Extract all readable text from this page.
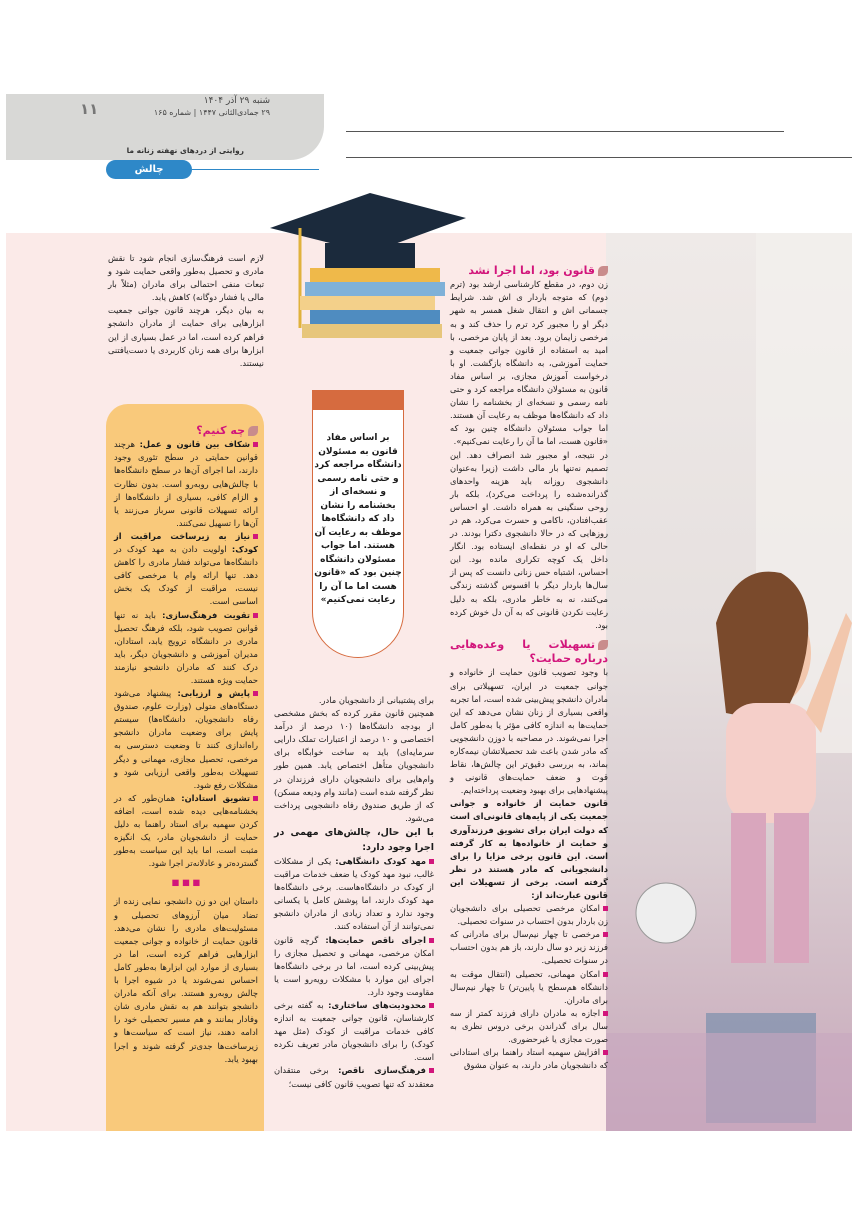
۱۱	شنبه ۲۹ آذر ۱۴۰۴
۲۹ جمادی‌الثانی ۱۴۴۷ | شماره ۱۶۵
روایتی از دردهای نهفته زنانه ما
چالش

قانون بود، اما اجرا نشد

زن دوم، در مقطع کارشناسی ارشد بود (ترم دوم) که متوجه باردار ی اش شد. شرایط جسمانی اش و انتقال شغل همسر به شهر دیگر او را مجبور کرد ترم را حذف کند و به مرخصی زایمان برود. بعد از پایان مرخصی، با امید به استفاده از قانون جوانی جمعیت و حمایت آموزشی، به دانشگاه بازگشت. او با درخواست آموزش مجازی، بر اساس مفاد قانون به مسئولان دانشگاه مراجعه کرد و حتی نامه رسمی و نسخه‌ای از بخشنامه را نشان داد که دانشگاه‌ها موظف به رعایت آن هستند. اما جواب مسئولان دانشگاه چنین بود که «قانون هست، اما ما آن را رعایت نمی‌کنیم».

در نتیجه، او مجبور شد انصراف دهد. این تصمیم نه‌تنها بار مالی داشت (زیرا به‌عنوان دانشجوی روزانه باید هزینه واحدهای گذرانده‌شده را پرداخت می‌کرد)، بلکه بار روحی سنگینی به همراه داشت. او احساس عقب‌افتادن، ناکامی و حسرت می‌کرد، هم در روزهایی که در حالا دانشجوی دکترا بودند. در حالی که او در نقطه‌ای ایستاده بود. انگار داخل یک کوچه تکراری مانده بود. این احساس، اشتباه حس زنانی دانست که پس از سال‌ها باردار دیگر با افسوس گذشته زندگی می‌کنند، نه به خاطر مادری، بلکه به دلیل رعایت نکردن قانونی که به آن دل خوش کرده بود.

تسهیلات یا وعده‌هایی درباره حمایت؟

با وجود تصویب قانون حمایت از خانواده و جوانی جمعیت در ایران، تسهیلاتی برای مادران دانشجو پیش‌بینی شده است، اما تجربه واقعی بسیاری از زنان نشان می‌دهد که این حمایت‌ها به اندازه کافی مؤثر یا به‌طور کامل اجرا نمی‌شوند. در مصاحبه با دوزن دانشجویی که مادر شدن باعث شد تحصیلاتشان نیمه‌کاره بماند، به بررسی دقیق‌تر این چالش‌ها، نقاط قوت و ضعف حمایت‌های قانونی و پیشنهادهایی برای بهبود وضعیت پرداخته‌ایم.

قانون حمایت از خانواده و جوانی جمعیت یکی از پایه‌های قانونی‌ای است که دولت ایران برای تشویق فرزندآوری و حمایت از خانواده‌ها به کار گرفته است. این قانون برخی مزایا را برای دانشجویانی که مادر هستند در نظر گرفته است. برخی از تسهیلات این قانون عبارت‌اند از:

امکان مرخصی تحصیلی برای دانشجویان زن باردار بدون احتساب در سنوات تحصیلی.

مرخصی تا چهار نیم‌سال برای مادرانی که فرزند زیر دو سال دارند، باز هم بدون احتساب در سنوات تحصیلی.

امکان مهمانی، تحصیلی (انتقال موقت به دانشگاه هم‌سطح یا پایین‌تر) تا چهار نیم‌سال برای مادران.

اجازه به مادران دارای فرزند کمتر از سه سال برای گذراندن برخی دروس نظری به صورت مجازی یا غیرحضوری.

افزایش سهمیه استاد راهنما برای استادانی که دانشجویان مادر دارند، به عنوان مشوق

بر اساس مفاد قانون به مسئولان دانشگاه مراجعه کرد و حتی نامه رسمی و نسخه‌ای از بخشنامه را نشان داد که دانشگاه‌ها موظف به رعایت آن هستند. اما جواب مسئولان دانشگاه چنین بود که «قانون هست اما ما آن را رعایت نمی‌کنیم»

برای پشتیبانی از دانشجویان مادر.

همچنین قانون مقرر کرده که بخش مشخصی از بودجه دانشگاه‌ها (۱۰ درصد از درآمد اختصاصی و ۱۰ درصد از اعتبارات تملک دارایی سرمایه‌ای) باید به ساخت خوابگاه برای دانشجویان متأهل اختصاص یابد. همین طور وام‌هایی برای دانشجویان دارای فرزندان در نظر گرفته شده است (مانند وام ودیعه مسکن) که از طریق صندوق رفاه دانشجویی پرداخت می‌شود.

با این حال، چالش‌های مهمی در اجرا وجود دارد:

مهد کودک دانشگاهی: یکی از مشکلات غالب، نبود مهد کودک یا ضعف خدمات مراقبت از کودک در دانشگاه‌هاست. برخی دانشگاه‌ها مهد کودک دارند، اما پوشش کامل یا یکسانی وجود ندارد و تعداد زیادی از مادران دانشجو نمی‌توانند از آن استفاده کنند.

اجرای ناقص حمایت‌ها: گرچه قانون امکان مرخصی، مهمانی و تحصیل مجازی را پیش‌بینی کرده است، اما در برخی دانشگاه‌ها اجرای این موارد با مشکلات رویه‌رو است یا مقاومت وجود دارد.

محدودیت‌های ساختاری: به گفته برخی کارشناسان، قانون جوانی جمعیت به اندازه کافی خدمات مراقبت از کودک (مثل مهد کودک) را برای دانشجویان مادر تعریف نکرده است.

فرهنگ‌سازی ناقص: برخی منتقدان معتقدند که تنها تصویب قانون کافی نیست؛

لازم است فرهنگ‌سازی انجام شود تا نقش مادری و تحصیل به‌طور واقعی حمایت شود و تبعات منفی احتمالی برای مادران (مثلاً بار مالی یا فشار دوگانه) کاهش یابد.

به بیان دیگر، هرچند قانون جوانی جمعیت ابزارهایی برای حمایت از مادران دانشجو فراهم کرده است، اما در عمل بسیاری از این ابزارها برای همه زنان کاربردی یا دست‌یافتنی نیستند.

چه کنیم؟

شکاف بین قانون و عمل: هرچند قوانین حمایتی در سطح تئوری وجود دارند، اما اجرای آن‌ها در سطح دانشگاه‌ها با چالش‌هایی روبه‌رو است. بدون نظارت و الزام کافی، بسیاری از دانشگاه‌ها از ارائه تسهیلات قانونی سرباز می‌زنند یا آن‌ها را تسهیل نمی‌کنند.

نیاز به زیرساخت مراقبت از کودک: اولویت دادن به مهد کودک در دانشگاه‌ها می‌تواند فشار مادری را کاهش دهد. تنها ارائه وام یا مرخصی کافی نیست، مراقبت از کودک یک بخش اساسی است.

تقویت فرهنگ‌سازی: باید نه تنها قوانین تصویب شود، بلکه فرهنگ تحصیل مادری در دانشگاه ترویج یابد، استادان، مدیران آموزشی و دانشجویان دیگر، باید درک کنند که مادران دانشجو نیازمند حمایت ویژه هستند.

پایش و ارزیابی: پیشنهاد می‌شود دستگاه‌های متولی (وزارت علوم، صندوق رفاه دانشجویان، دانشگاه‌ها) سیستم پایش برای وضعیت مادران دانشجو راه‌اندازی کنند تا وضعیت دسترسی به مرخصی، تحصیل مجازی، مهمانی و دیگر تسهیلات به‌طور واقعی ارزیابی شود و مشکلات رفع شود.

تشویق استادان: همان‌طور که در بخشنامه‌هایی دیده شده است، اضافه کردن سهمیه برای استاد راهنما به دلیل حمایت از دانشجویان مادر، یک انگیزه مثبت است، اما باید این سیاست به‌طور گسترده‌تر و عادلانه‌تر اجرا شود.

■ ■ ■

داستان این دو زن دانشجو، نمایی زنده از تضاد میان آرزوهای تحصیلی و مسئولیت‌های مادری را نشان می‌دهد. قانون حمایت از خانواده و جوانی جمعیت ابزارهایی فراهم کرده است، اما در بسیاری از موارد این ابزارها به‌طور کامل احساس نمی‌شوند یا در شیوه اجرا با چالش روبه‌رو هستند. برای آنکه مادران دانشجو بتوانند هم به نقش مادری شان وفادار بمانند و هم مسیر تحصیلی خود را ادامه دهند، نیاز است که سیاست‌ها و زیرساخت‌ها جدی‌تر گرفته شوند و اجرا بهبود یابد.
